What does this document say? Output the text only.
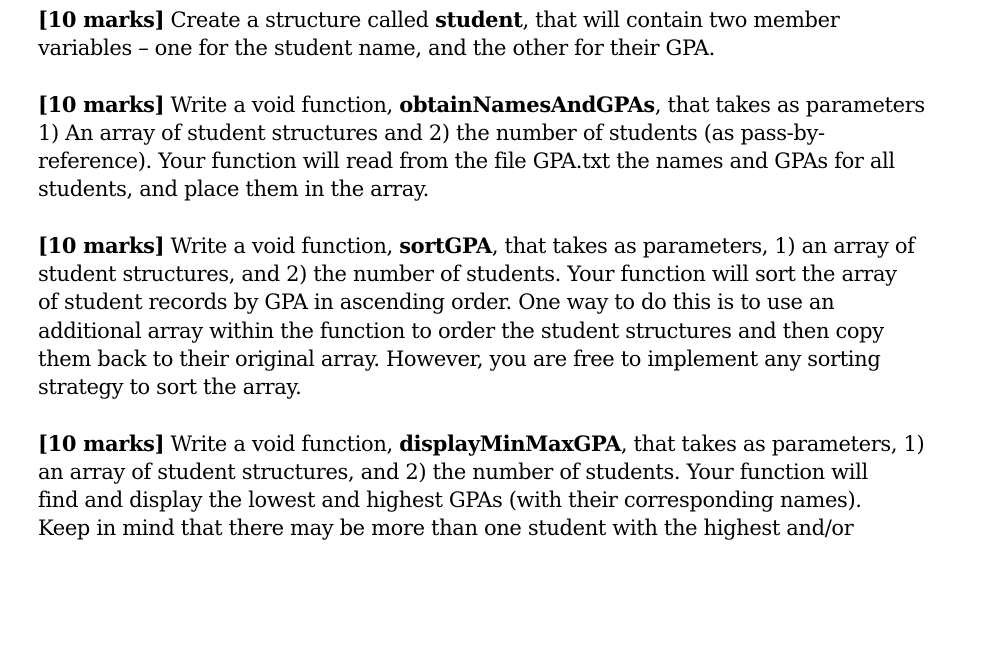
[10 marks] Create a structure called student, that will contain two member
variables – one for the student name, and the other for their GPA.

[10 marks] Write a void function, obtainNamesAndGPAs, that takes as parameters
1) An array of student structures and 2) the number of students (as pass-by-
reference). Your function will read from the file GPA.txt the names and GPAs for all
students, and place them in the array.

[10 marks] Write a void function, sortGPA, that takes as parameters, 1) an array of
student structures, and 2) the number of students. Your function will sort the array
of student records by GPA in ascending order. One way to do this is to use an
additional array within the function to order the student structures and then copy
them back to their original array. However, you are free to implement any sorting
strategy to sort the array.

[10 marks] Write a void function, displayMinMaxGPA, that takes as parameters, 1)
an array of student structures, and 2) the number of students. Your function will
find and display the lowest and highest GPAs (with their corresponding names).
Keep in mind that there may be more than one student with the highest and/or
